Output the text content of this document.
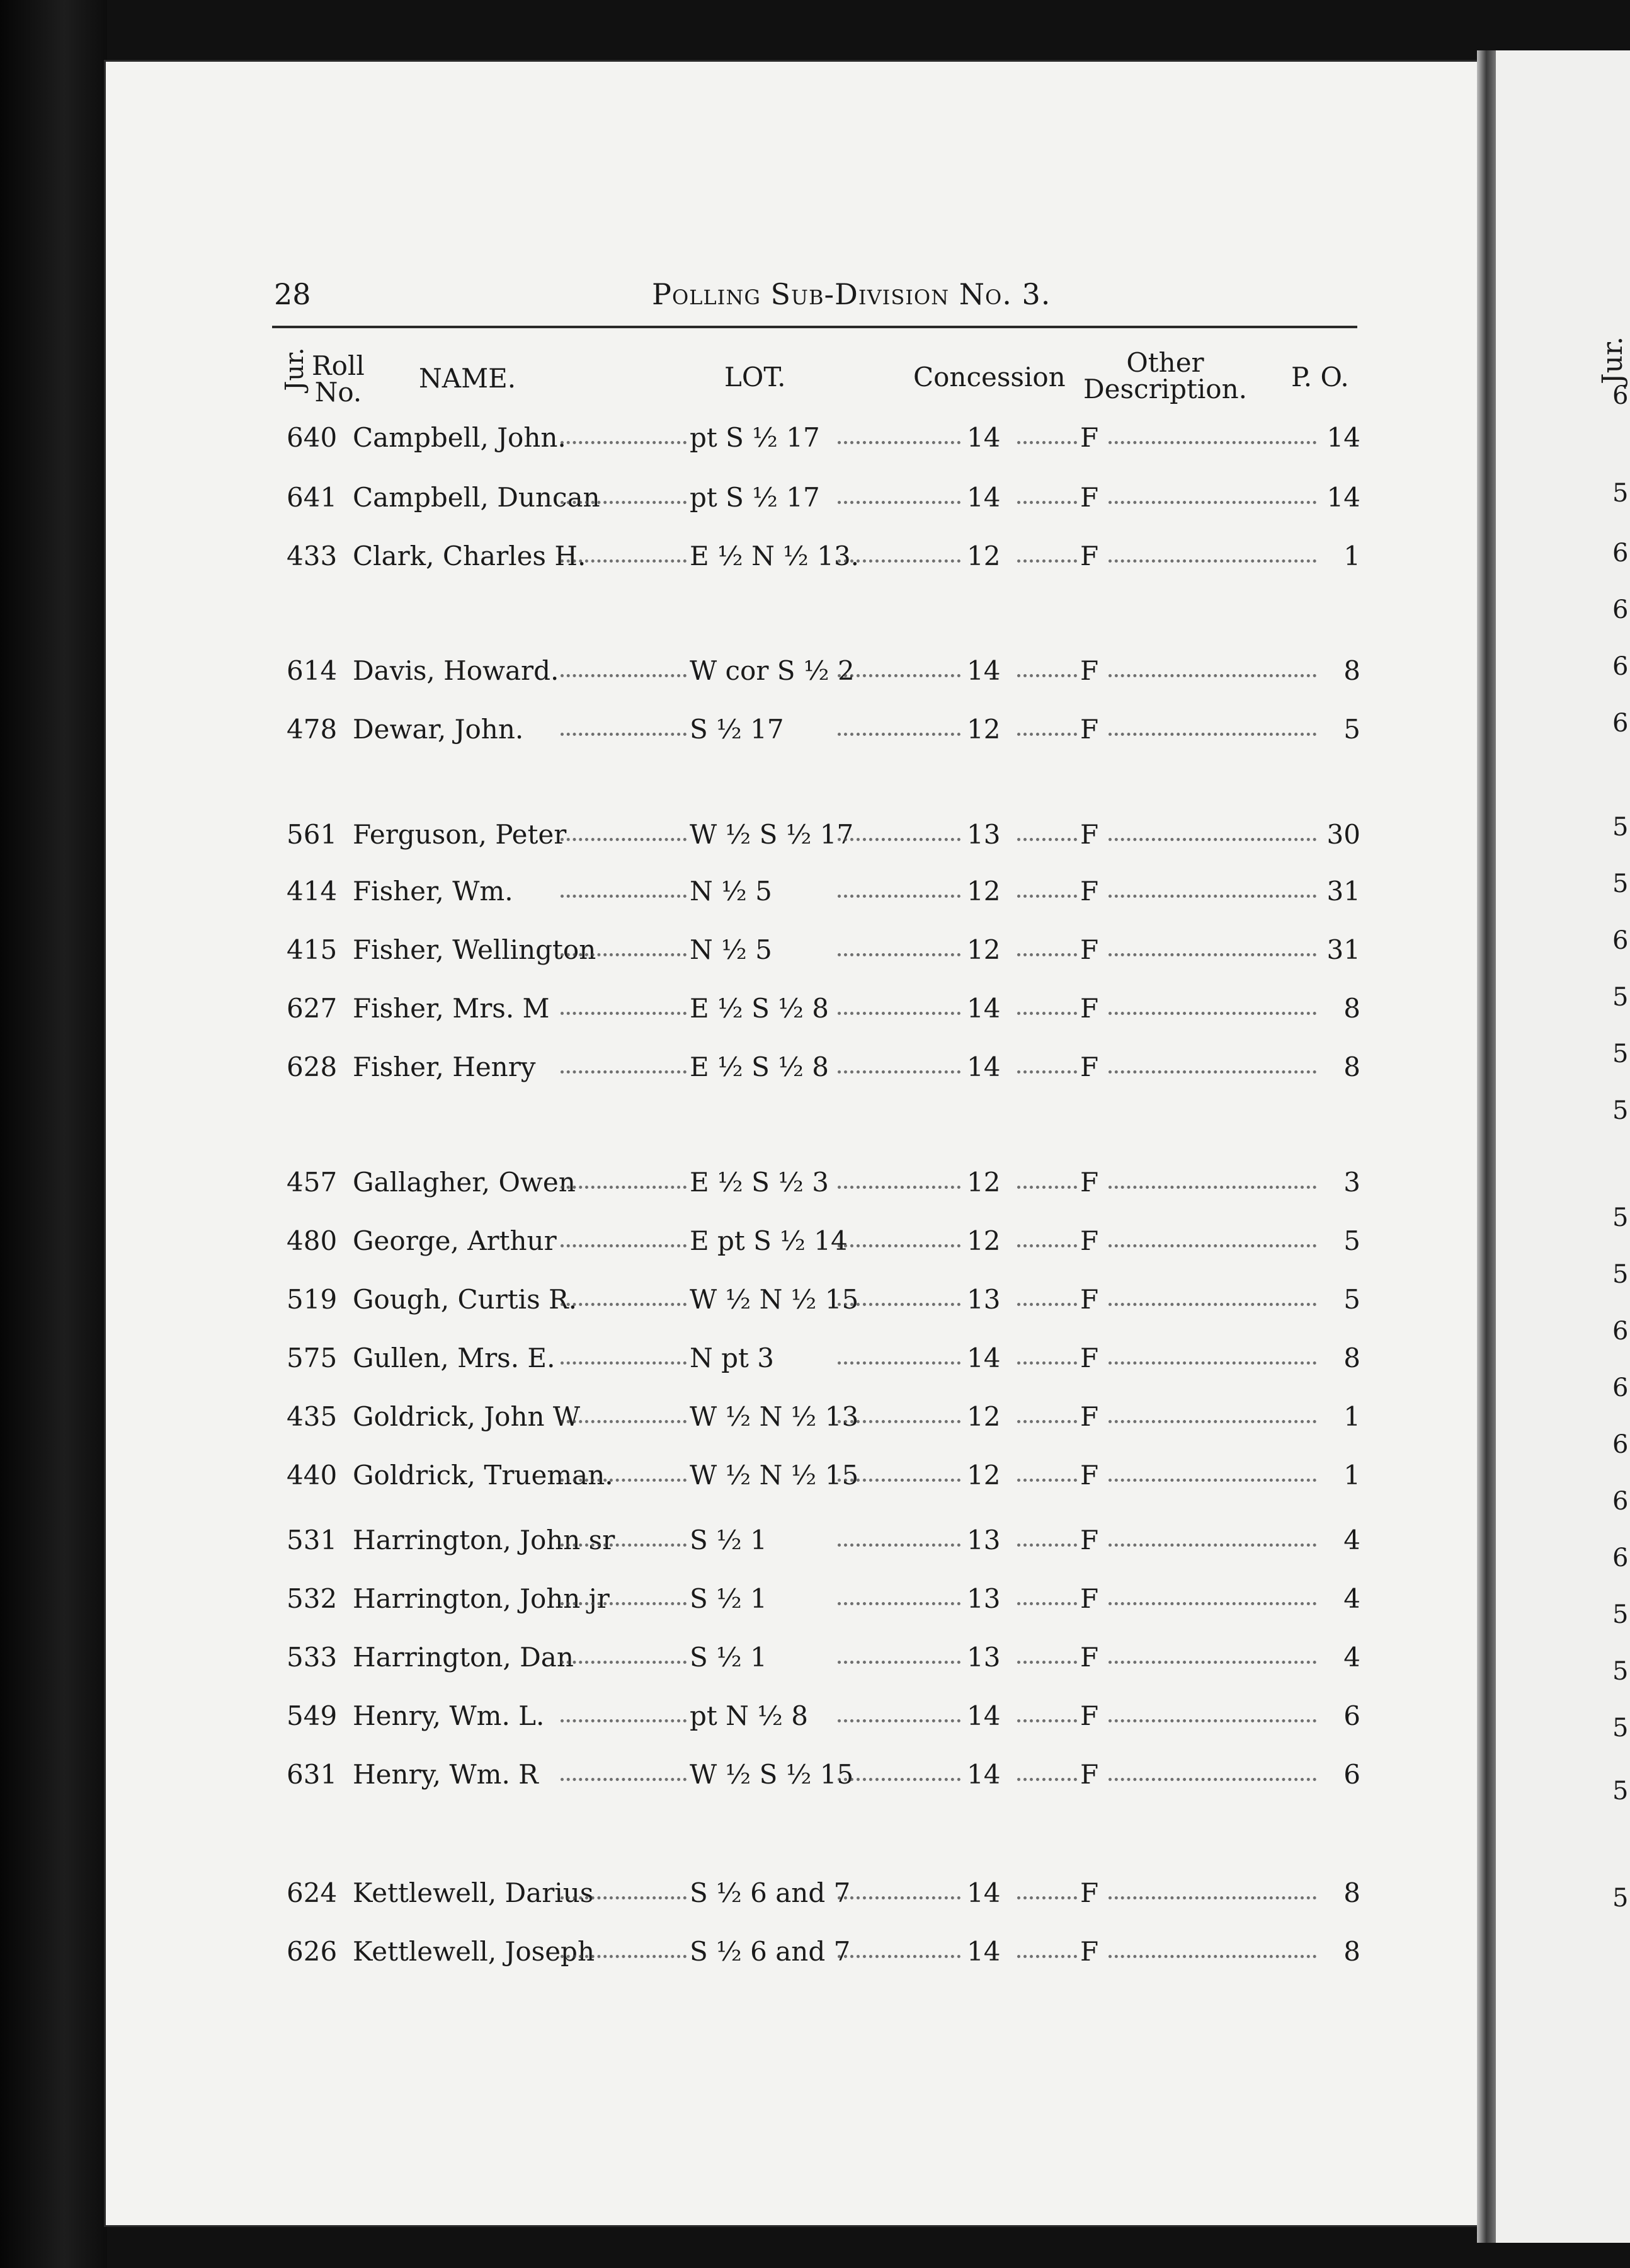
28	Polling Sub-Division No. 3.
Jur. Roll
No. NAME.	LOT.	Concession	Other
Description. P. O.
640 Campbell, John.	pt S ½ 17	14	F	14
641 Campbell, Duncan	pt S ½ 17	14	F	14
433 Clark, Charles H.	E ½ N ½ 13.	12	F	1
614 Davis, Howard.	W cor S ½ 2	14	F	8
478 Dewar, John.	S ½ 17	12	F	5
561 Ferguson, Peter	W ½ S ½ 17	13	F	30
414 Fisher, Wm.	N ½ 5	12	F	31
415 Fisher, Wellington	N ½ 5	12	F	31
627 Fisher, Mrs. M	E ½ S ½ 8	14	F	8
628 Fisher, Henry	E ½ S ½ 8	14	F	8
457 Gallagher, Owen	E ½ S ½ 3	12	F	3
480 George, Arthur	E pt S ½ 14	12	F	5
519 Gough, Curtis R.	W ½ N ½ 15	13	F	5
575 Gullen, Mrs. E.	N pt 3	14	F	8
435 Goldrick, John W	W ½ N ½ 13	12	F	1
440 Goldrick, Trueman.	W ½ N ½ 15	12	F	1
531 Harrington, John sr	S ½ 1	13	F	4
532 Harrington, John jr	S ½ 1	13	F	4
533 Harrington, Dan	S ½ 1	13	F	4
549 Henry, Wm. L.	pt N ½ 8	14	F	6
631 Henry, Wm. R	W ½ S ½ 15	14	F	6
624 Kettlewell, Darius	S ½ 6 and 7	14	F	8
626 Kettlewell, Joseph	S ½ 6 and 7	14	F	8
Jur.
6
5
6
6
6
6
5
5
6
5
5
5
5
5
6
6
6
6
6
5
5
5
5
5
